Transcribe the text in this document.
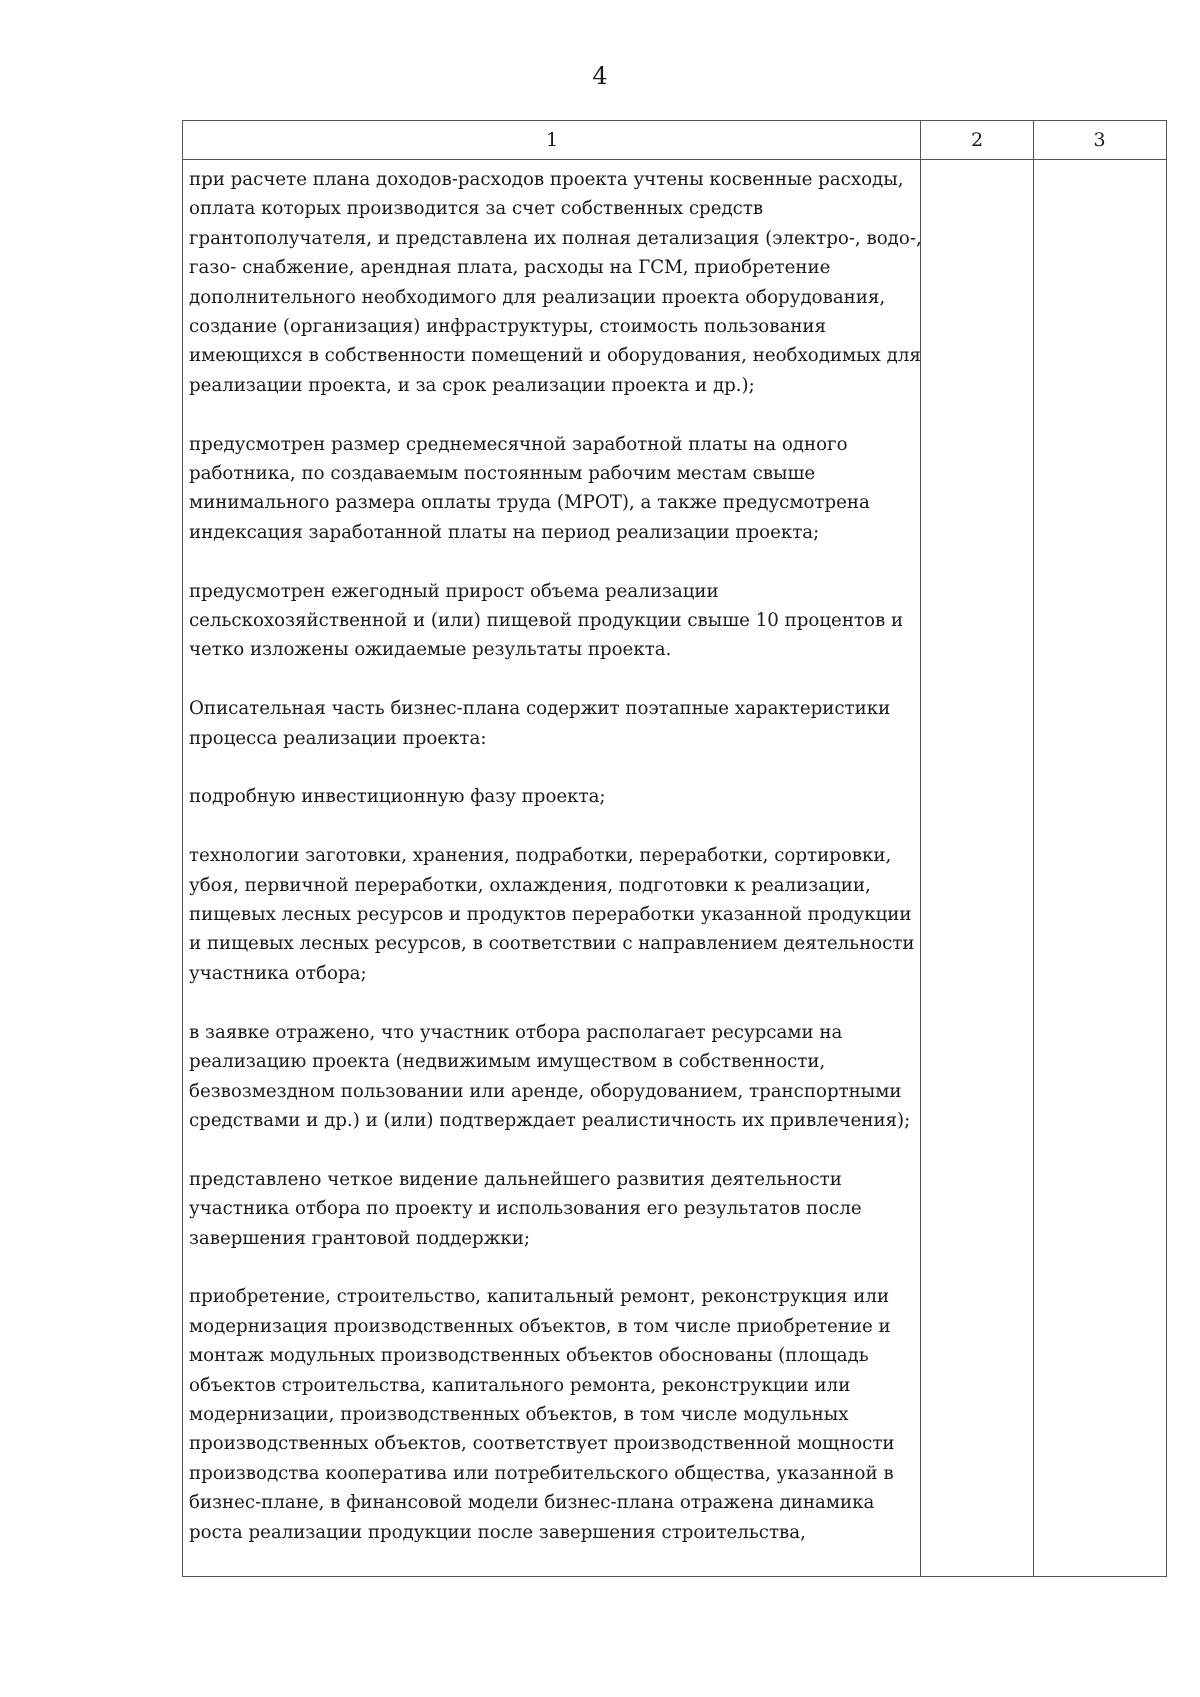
4
1	2	3
при расчете плана доходов-расходов проекта учтены косвенные расходы,
оплата которых производится за счет собственных средств
грантополучателя, и представлена их полная детализация (электро-, водо-,
газо- снабжение, арендная плата, расходы на ГСМ, приобретение
дополнительного необходимого для реализации проекта оборудования,
создание (организация) инфраструктуры, стоимость пользования
имеющихся в собственности помещений и оборудования, необходимых для
реализации проекта, и за срок реализации проекта и др.);
предусмотрен размер среднемесячной заработной платы на одного
работника, по создаваемым постоянным рабочим местам свыше
минимального размера оплаты труда (МРОТ), а также предусмотрена
индексация заработанной платы на период реализации проекта;
предусмотрен ежегодный прирост объема реализации
сельскохозяйственной и (или) пищевой продукции свыше 10 процентов и
четко изложены ожидаемые результаты проекта.
Описательная часть бизнес-плана содержит поэтапные характеристики
процесса реализации проекта:
подробную инвестиционную фазу проекта;
технологии заготовки, хранения, подработки, переработки, сортировки,
убоя, первичной переработки, охлаждения, подготовки к реализации,
пищевых лесных ресурсов и продуктов переработки указанной продукции
и пищевых лесных ресурсов, в соответствии с направлением деятельности
участника отбора;
в заявке отражено, что участник отбора располагает ресурсами на
реализацию проекта (недвижимым имуществом в собственности,
безвозмездном пользовании или аренде, оборудованием, транспортными
средствами и др.) и (или) подтверждает реалистичность их привлечения);
представлено четкое видение дальнейшего развития деятельности
участника отбора по проекту и использования его результатов после
завершения грантовой поддержки;
приобретение, строительство, капитальный ремонт, реконструкция или
модернизация производственных объектов, в том числе приобретение и
монтаж модульных производственных объектов обоснованы (площадь
объектов строительства, капитального ремонта, реконструкции или
модернизации, производственных объектов, в том числе модульных
производственных объектов, соответствует производственной мощности
производства кооператива или потребительского общества, указанной в
бизнес-плане, в финансовой модели бизнес-плана отражена динамика
роста реализации продукции после завершения строительства,
